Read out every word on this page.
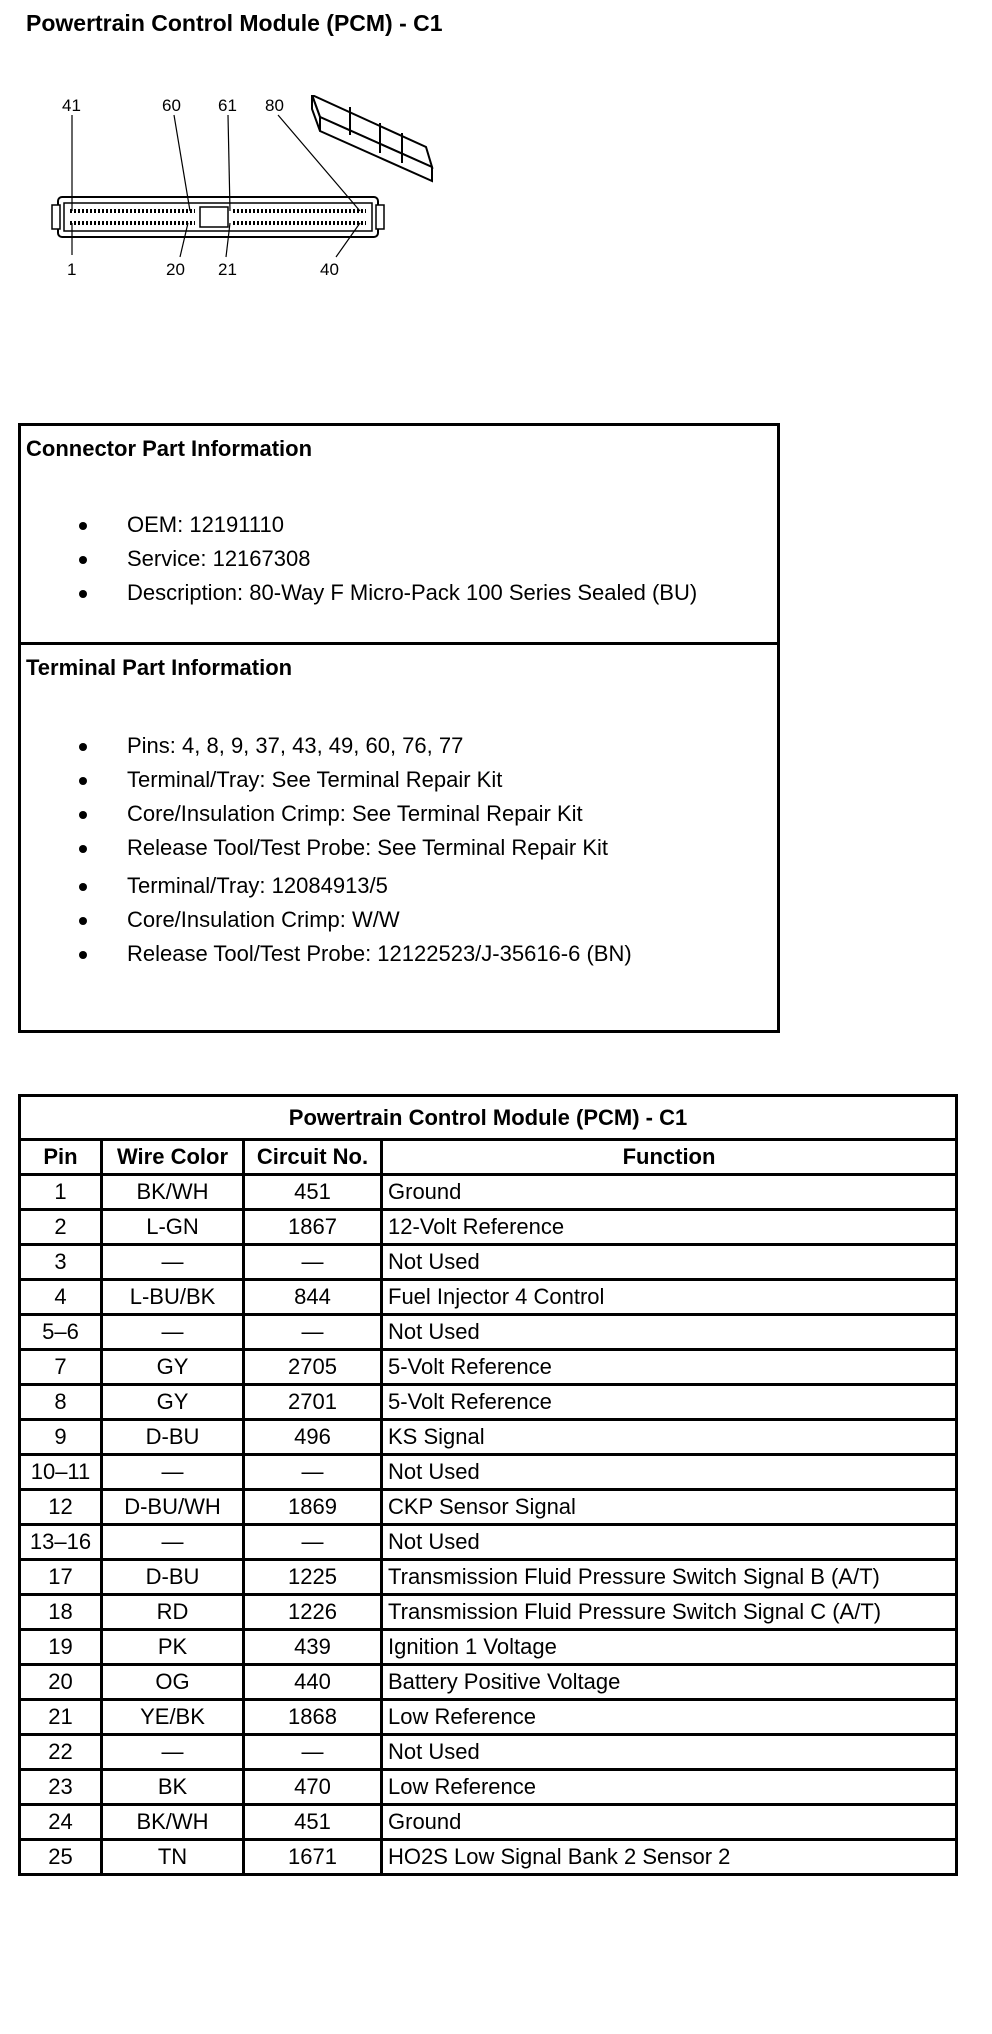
Powertrain Control Module (PCM) - C1
41	60 61 80
1	20 21	40
Connector Part Information
OEM: 12191110
Service: 12167308
Description: 80-Way F Micro-Pack 100 Series Sealed (BU)
Terminal Part Information
Pins: 4, 8, 9, 37, 43, 49, 60, 76, 77
Terminal/Tray: See Terminal Repair Kit
Core/Insulation Crimp: See Terminal Repair Kit
Release Tool/Test Probe: See Terminal Repair Kit
Terminal/Tray: 12084913/5
Core/Insulation Crimp: W/W
Release Tool/Test Probe: 12122523/J-35616-6 (BN)
Powertrain Control Module (PCM) - C1			
Pin	Wire Color	Circuit No.	Function
1	BK/WH	451	Ground
2	L-GN	1867	12-Volt Reference
3	—	—	Not Used
4	L-BU/BK	844	Fuel Injector 4 Control
5–6	—	—	Not Used
7	GY	2705	5-Volt Reference
8	GY	2701	5-Volt Reference
9	D-BU	496	KS Signal
10–11	—	—	Not Used
12	D-BU/WH	1869	CKP Sensor Signal
13–16	—	—	Not Used
17	D-BU	1225	Transmission Fluid Pressure Switch Signal B (A/T)
18	RD	1226	Transmission Fluid Pressure Switch Signal C (A/T)
19	PK	439	Ignition 1 Voltage
20	OG	440	Battery Positive Voltage
21	YE/BK	1868	Low Reference
22	—	—	Not Used
23	BK	470	Low Reference
24	BK/WH	451	Ground
25	TN	1671	HO2S Low Signal Bank 2 Sensor 2
